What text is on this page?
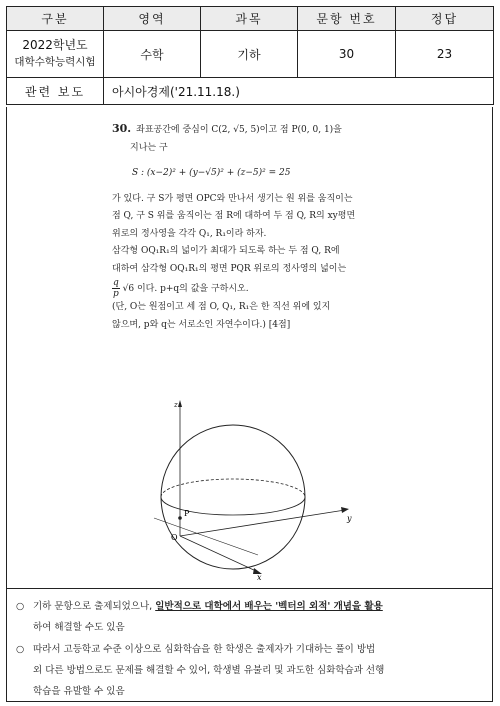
구분	영역	과목	문항 번호	정답

2022학년도
대학수학능력시험	수학	기하	30	23
관련 보도	아시아경제('21.11.18.)			

30. 좌표공간에 중심이 C(2, √5, 5)이고 점 P(0, 0, 1)을

지나는 구

S : (x−2)² + (y−√5)² + (z−5)² = 25

가 있다. 구 S가 평면 OPC와 만나서 생기는 원 위를 움직이는

점 Q, 구 S 위를 움직이는 점 R에 대하여 두 점 Q, R의 xy평면

위로의 정사영을 각각 Q₁, R₁이라 하자.

삼각형 OQ₁R₁의 넓이가 최대가 되도록 하는 두 점 Q, R에

대하여 삼각형 OQ₁R₁의 평면 PQR 위로의 정사영의 넓이는

$\frac{q}{p} √6$ 이다. p+q의 값을 구하시오.

(단, O는 원점이고 세 점 O, Q₁, R₁은 한 직선 위에 있지

않으며, p와 q는 서로소인 자연수이다.) [4점]

P
O
z
y
x
○ 기하 문항으로 출제되었으나, 일반적으로 대학에서 배우는 '벡터의 외적' 개념을 활용
하여 해결할 수도 있음
○ 따라서 고등학교 수준 이상으로 심화학습을 한 학생은 출제자가 기대하는 풀이 방법
외 다른 방법으로도 문제를 해결할 수 있어, 학생별 유불리 및 과도한 심화학습과 선행
학습을 유발할 수 있음
